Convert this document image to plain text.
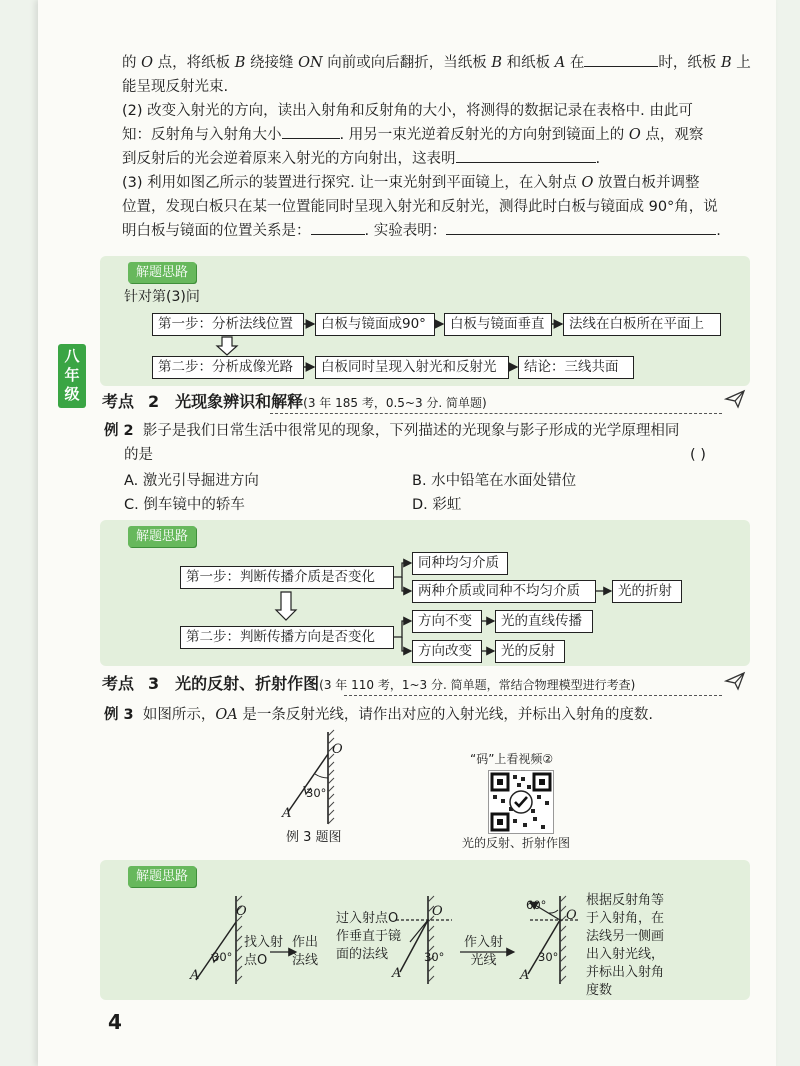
八
年
级
的 O 点，将纸板 B 绕接缝 ON 向前或向后翻折，当纸板 B 和纸板 A 在	时，纸板 B 上
能呈现反射光束.
(2) 改变入射光的方向，读出入射角和反射角的大小，将测得的数据记录在表格中. 由此可
知：反射角与入射角大小	. 用另一束光逆着反射光的方向射到镜面上的 O 点，观察
到反射后的光会逆着原来入射光的方向射出，这表明	.
(3) 利用如图乙所示的装置进行探究. 让一束光射到平面镜上，在入射点 O 放置白板并调整
位置，发现白板只在某一位置能同时呈现入射光和反射光，测得此时白板与镜面成 90°角，说
明白板与镜面的位置关系是：	. 实验表明：	.
解题思路
针对第(3)问
第一步：分析法线位置	白板与镜面成90°	白板与镜面垂直	法线在白板所在平面上
第二步：分析成像光路	白板同时呈现入射光和反射光	结论：三线共面
考点 2 光现象辨识和解释(3 年 185 考，0.5~3 分. 简单题)
例 2 影子是我们日常生活中很常见的现象，下列描述的光现象与影子形成的光学原理相同
的是	( )
A. 激光引导掘进方向	B. 水中铅笔在水面处错位
C. 倒车镜中的轿车	D. 彩虹
解题思路
第一步：判断传播介质是否变化
同种均匀介质
两种介质或同种不均匀介质	光的折射
第二步：判断传播方向是否变化
方向不变	光的直线传播
方向改变	光的反射
考点 3 光的反射、折射作图(3 年 110 考，1~3 分. 简单题，常结合物理模型进行考查)
例 3 如图所示，OA 是一条反射光线，请作出对应的入射光线，并标出入射角的度数.
O
A
30°
例 3 题图
“码”上看视频②
光的反射、折射作图
解题思路
O
A
30°
找入射
点O
作出
法线
过入射点O
作垂直于镜
面的法线
O
A
30°
作入射
光线
60°
O
A
30°
根据反射角等
于入射角，在
法线另一侧画
出入射光线，
并标出入射角
度数
4
